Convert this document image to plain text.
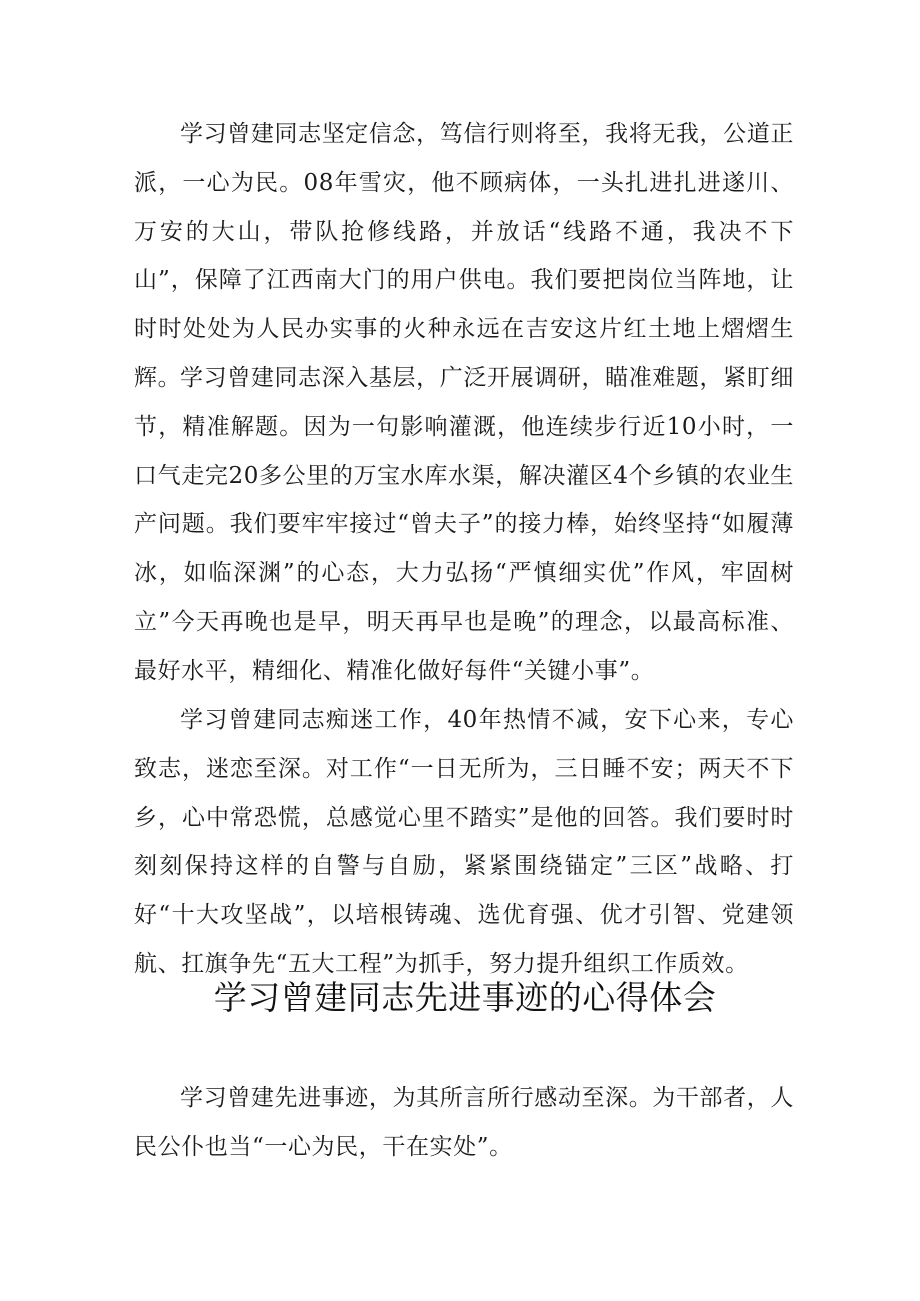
学习曾建同志坚定信念，笃信行则将至，我将无我，公道正派，一心为民。08年雪灾，他不顾病体，一头扎进扎进遂川、万安的大山，带队抢修线路，并放话“线路不通，我决不下山”，保障了江西南大门的用户供电。我们要把岗位当阵地，让时时处处为人民办实事的火种永远在吉安这片红土地上熠熠生辉。

学习曾建同志深入基层，广泛开展调研，瞄准难题，紧盯细节，精准解题。因为一句影响灌溉，他连续步行近10小时，一口气走完20多公里的万宝水库水渠，解决灌区4个乡镇的农业生产问题。我们要牢牢接过“曾夫子”的接力棒，始终坚持“如履薄冰，如临深渊”的心态，大力弘扬“严慎细实优”作风，牢固树立”今天再晚也是早，明天再早也是晚”的理念，以最高标准、最好水平，精细化、精准化做好每件“关键小事”。

学习曾建同志痴迷工作，40年热情不减，安下心来，专心致志，迷恋至深。对工作“一日无所为，三日睡不安；两天不下乡，心中常恐慌，总感觉心里不踏实”是他的回答。我们要时时刻刻保持这样的自警与自励，紧紧围绕锚定”三区”战略、打好“十大攻坚战”，以培根铸魂、选优育强、优才引智、党建领航、扛旗争先“五大工程”为抓手，努力提升组织工作质效。

学习曾建同志先进事迹的心得体会

学习曾建先进事迹，为其所言所行感动至深。为干部者，人民公仆也当“一心为民，干在实处”。
